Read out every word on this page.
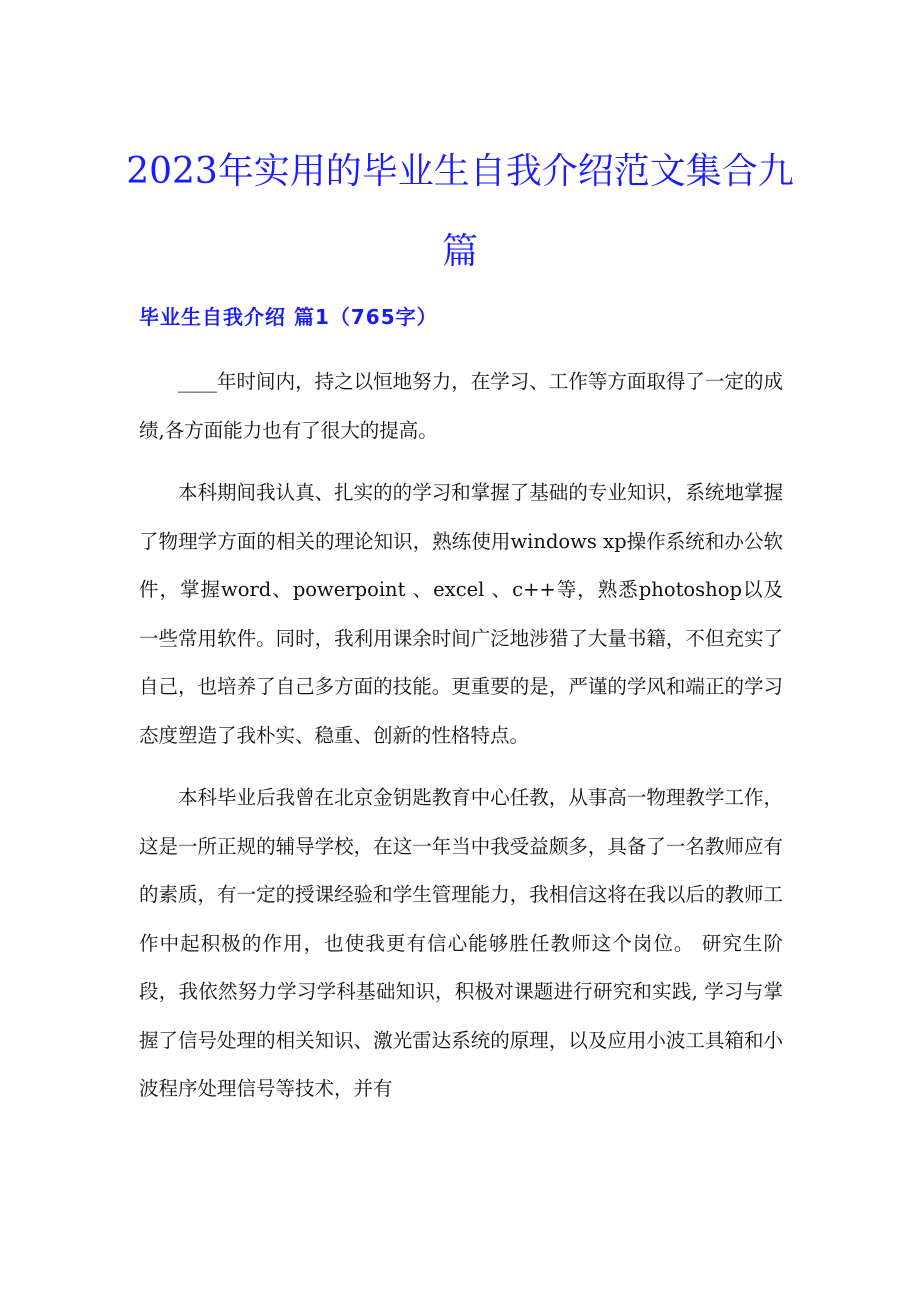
2023年实用的毕业生自我介绍范文集合九篇
毕业生自我介绍 篇1（765字）

____年时间内，持之以恒地努力，在学习、工作等方面取得了一定的成绩,各方面能力也有了很大的提高。

本科期间我认真、扎实的的学习和掌握了基础的专业知识，系统地掌握了物理学方面的相关的理论知识，熟练使用windows xp操作系统和办公软件，掌握word、powerpoint 、excel 、c++等，熟悉photoshop以及一些常用软件。同时，我利用课余时间广泛地涉猎了大量书籍，不但充实了自己，也培养了自己多方面的技能。更重要的是，严谨的学风和端正的学习态度塑造了我朴实、稳重、创新的性格特点。

本科毕业后我曾在北京金钥匙教育中心任教，从事高一物理教学工作，这是一所正规的辅导学校，在这一年当中我受益颇多，具备了一名教师应有的素质，有一定的授课经验和学生管理能力，我相信这将在我以后的教师工作中起积极的作用，也使我更有信心能够胜任教师这个岗位。 研究生阶段，我依然努力学习学科基础知识，积极对课题进行研究和实践, 学习与掌握了信号处理的相关知识、激光雷达系统的原理，以及应用小波工具箱和小波程序处理信号等技术，并有
